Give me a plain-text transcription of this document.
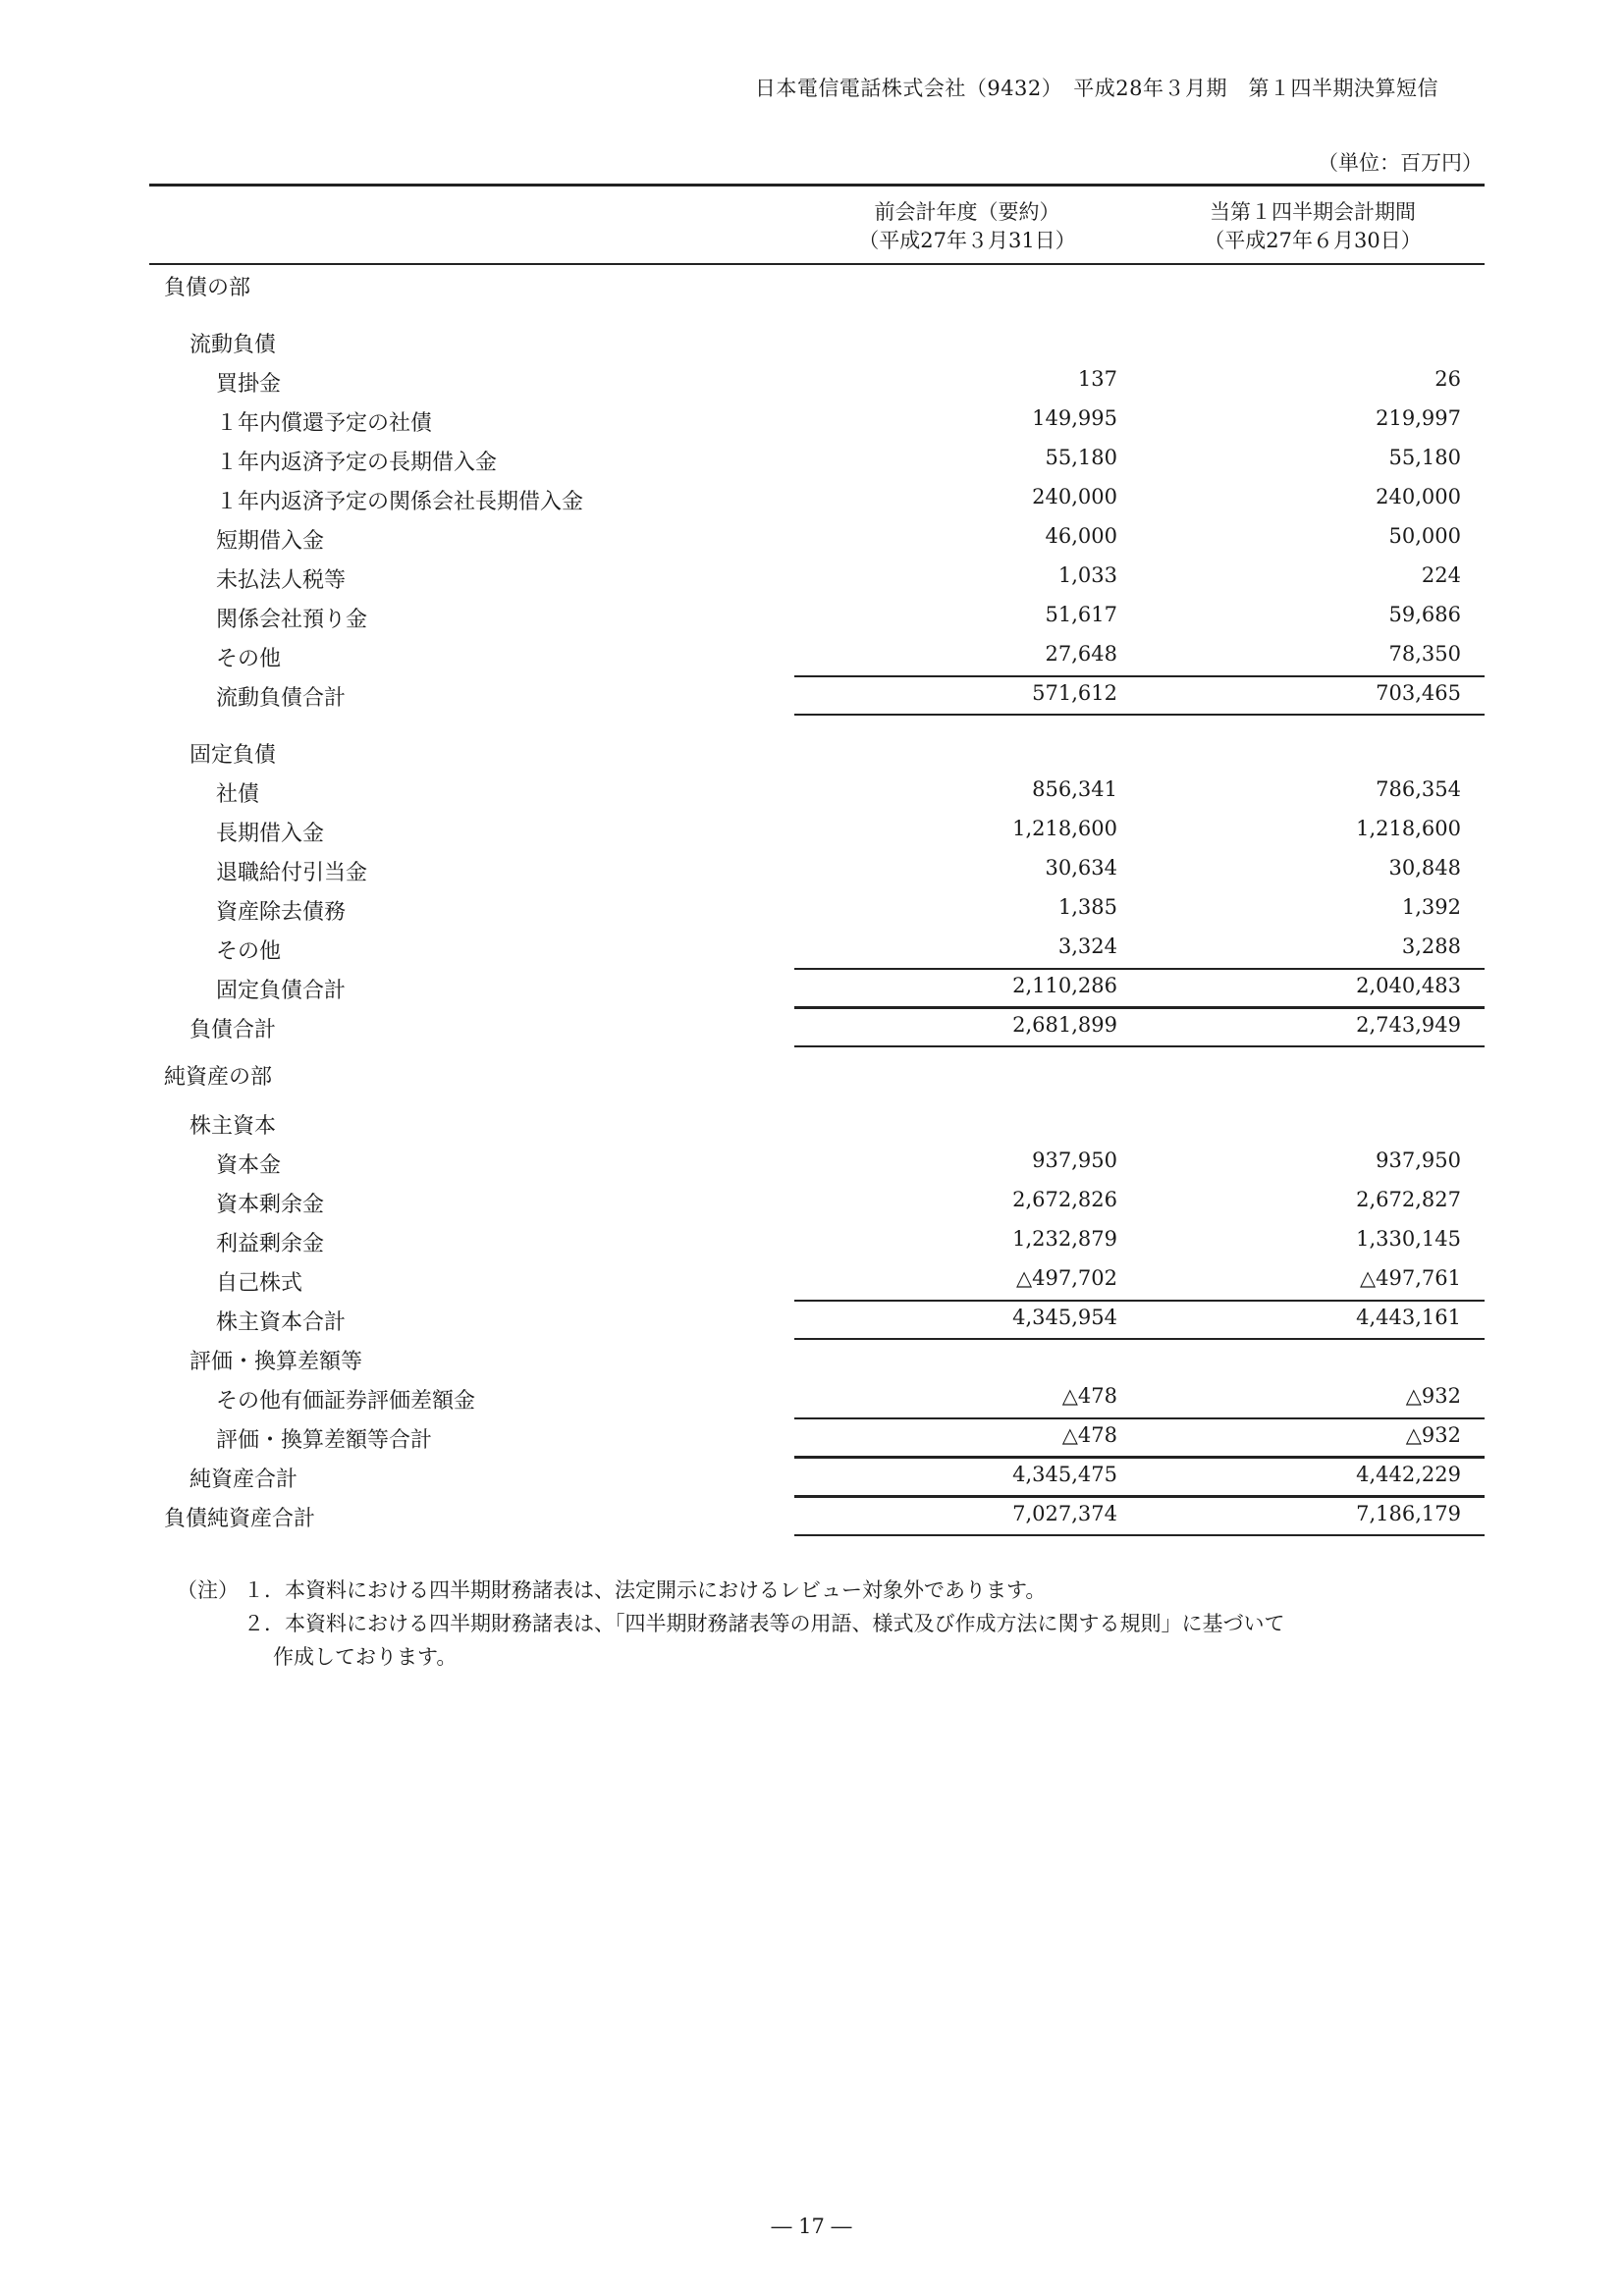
日本電信電話株式会社（9432）　平成28年３月期　第１四半期決算短信
（単位：百万円）
前会計年度（要約）
（平成27年３月31日）
当第１四半期会計期間
（平成27年６月30日）
負債の部
流動負債
買掛金	137	26
１年内償還予定の社債	149,995	219,997
１年内返済予定の長期借入金	55,180	55,180
１年内返済予定の関係会社長期借入金	240,000	240,000
短期借入金	46,000	50,000
未払法人税等	1,033	224
関係会社預り金	51,617	59,686
その他	27,648	78,350
流動負債合計	571,612	703,465
固定負債
社債	856,341	786,354
長期借入金	1,218,600	1,218,600
退職給付引当金	30,634	30,848
資産除去債務	1,385	1,392
その他	3,324	3,288
固定負債合計	2,110,286	2,040,483
負債合計	2,681,899	2,743,949
純資産の部
株主資本
資本金	937,950	937,950
資本剰余金	2,672,826	2,672,827
利益剰余金	1,232,879	1,330,145
自己株式	△497,702	△497,761
株主資本合計	4,345,954	4,443,161
評価・換算差額等
その他有価証券評価差額金	△478	△932
評価・換算差額等合計	△478	△932
純資産合計	4,345,475	4,442,229
負債純資産合計	7,027,374	7,186,179
（注） １．本資料における四半期財務諸表は、法定開示におけるレビュー対象外であります。
２．本資料における四半期財務諸表は、「四半期財務諸表等の用語、様式及び作成方法に関する規則」に基づいて
作成しております。
― 17 ―
